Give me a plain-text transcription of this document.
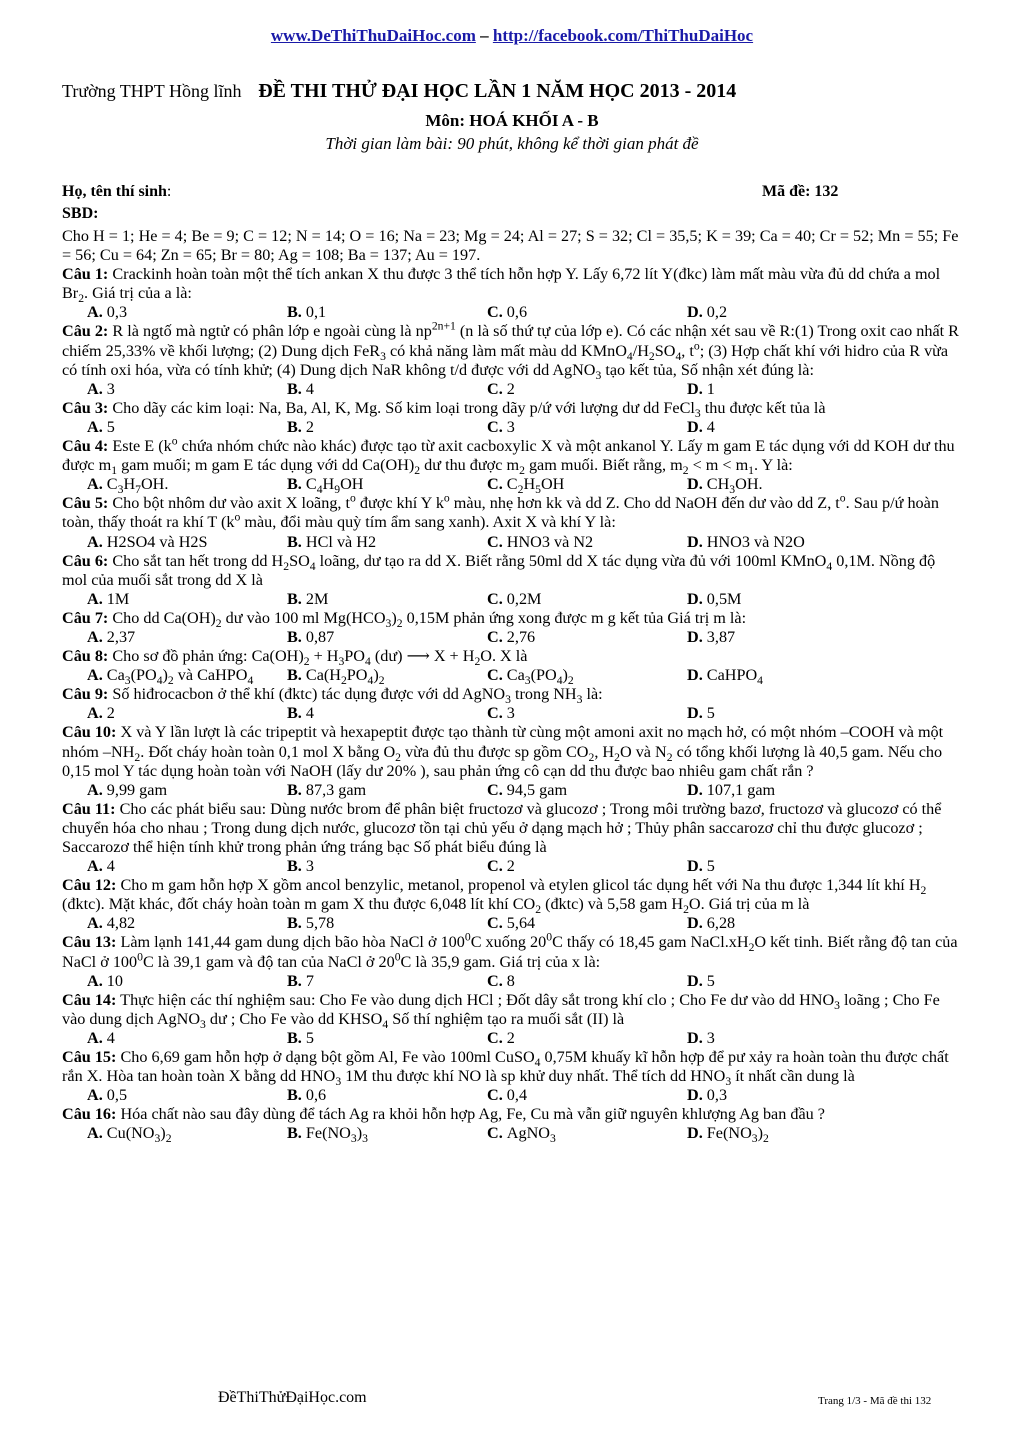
www.DeThiThuDaiHoc.com – http://facebook.com/ThiThuDaiHoc
Trường THPT Hồng lĩnh ĐỀ THI THỬ ĐẠI HỌC LẦN 1 NĂM HỌC 2013 - 2014
Môn: HOÁ KHỐI A - B
Thời gian làm bài: 90 phút, không kể thời gian phát đề
Họ, tên thí sinh:	Mã đề: 132
SBD:

Cho H = 1; He = 4; Be = 9; C = 12; N = 14; O = 16; Na = 23; Mg = 24; Al = 27; S = 32; Cl = 35,5; K = 39; Ca = 40; Cr = 52; Mn = 55; Fe = 56; Cu = 64; Zn = 65; Br = 80; Ag = 108; Ba = 137; Au = 197.

Câu 1: Crackinh hoàn toàn một thể tích ankan X thu được 3 thể tích hỗn hợp Y. Lấy 6,72 lít Y(đkc) làm mất màu vừa đủ dd chứa a mol $Br_2$. Giá trị của a là:

A. 0,3	B. 0,1	C. 0,6	D. 0,2

Câu 2: R là ngtố mà ngtử có phân lớp e ngoài cùng là $np^{2n+1}$ (n là số thứ tự của lớp e). Có các nhận xét sau về R:(1) Trong oxit cao nhất R chiếm 25,33% về khối lượng; (2) Dung dịch FeR$_3$ có khả năng làm mất màu dd $KMnO_4/H_2SO_4$, $t^o$; (3) Hợp chất khí với hidro của R vừa có tính oxi hóa, vừa có tính khử; (4) Dung dịch NaR không t/d được với dd AgNO$_3$ tạo kết tủa, Số nhận xét đúng là:

A. 3	B. 4	C. 2	D. 1

Câu 3: Cho dãy các kim loại: Na, Ba, Al, K, Mg. Số kim loại trong dãy p/ứ với lượng dư dd FeCl$_3$ thu được kết tủa là

A. 5	B. 2	C. 3	D. 4

Câu 4: Este E ($k^o$ chứa nhóm chức nào khác) được tạo từ axit cacboxylic X và một ankanol Y. Lấy m gam E tác dụng với dd KOH dư thu được $m_1$ gam muối; m gam E tác dụng với dd $Ca(OH)_2$ dư thu được $m_2$ gam muối. Biết rằng, $m_2 < m < m_1$. Y là:

A. $C_3H_7OH$.	B. $C_4H_9OH$	C. $C_2H_5OH$	D. $CH_3OH$.

Câu 5: Cho bột nhôm dư vào axit X loãng, $t^o$ được khí Y $k^o$ màu, nhẹ hơn kk và dd Z. Cho dd NaOH đến dư vào dd Z, $t^o$. Sau p/ứ hoàn toàn, thấy thoát ra khí T ($k^o$ màu, đổi màu quỳ tím ẩm sang xanh). Axit X và khí Y là:

A. H2SO4 và H2S	B. HCl và H2	C. HNO3 và N2	D. HNO3 và N2O

Câu 6: Cho sắt tan hết trong dd $H_2SO_4$ loãng, dư tạo ra dd X. Biết rằng 50ml dd X tác dụng vừa đủ với 100ml KMnO$_4$ 0,1M. Nồng độ mol của muối sắt trong dd X là

A. 1M	B. 2M	C. 0,2M	D. 0,5M

Câu 7: Cho dd $Ca(OH)_2$ dư vào 100 ml $Mg(HCO_3)_2$ 0,15M phản ứng xong được m g kết tủa Giá trị m là:

A. 2,37	B. 0,87	C. 2,76	D. 3,87

Câu 8: Cho sơ đồ phản ứng: $Ca(OH)_2 + H_3PO_4$ (dư) ⟶ $X + H_2O$. X là

A. $Ca_3(PO_4)_2$ và CaHPO$_4$ B. $Ca(H_2PO_4)_2$	C. $Ca_3(PO_4)_2$	D. CaHPO$_4$

Câu 9: Số hiđrocacbon ở thể khí (đktc) tác dụng được với dd AgNO$_3$ trong $NH_3$ là:

A. 2	B. 4	C. 3	D. 5

Câu 10: X và Y lần lượt là các tripeptit và hexapeptit được tạo thành từ cùng một amoni axit no mạch hở, có một nhóm –COOH và một nhóm $-NH_2$. Đốt cháy hoàn toàn 0,1 mol X bằng $O_2$ vừa đủ thu được sp gồm $CO_2$, $H_2O$ và $N_2$ có tổng khối lượng là 40,5 gam. Nếu cho 0,15 mol Y tác dụng hoàn toàn với NaOH (lấy dư 20% ), sau phản ứng cô cạn dd thu được bao nhiêu gam chất rắn ?

A. 9,99 gam	B. 87,3 gam	C. 94,5 gam	D. 107,1 gam

Câu 11: Cho các phát biểu sau: Dùng nước brom để phân biệt fructozơ và glucozơ ; Trong môi trường bazơ, fructozơ và glucozơ có thể chuyển hóa cho nhau ; Trong dung dịch nước, glucozơ tồn tại chủ yếu ở dạng mạch hở ; Thủy phân saccarozơ chỉ thu được glucozơ ; Saccarozơ thể hiện tính khử trong phản ứng tráng bạc Số phát biểu đúng là

A. 4	B. 3	C. 2	D. 5

Câu 12: Cho m gam hỗn hợp X gồm ancol benzylic, metanol, propenol và etylen glicol tác dụng hết với Na thu được 1,344 lít khí $H_2$ (đktc). Mặt khác, đốt cháy hoàn toàn m gam X thu được 6,048 lít khí $CO_2$ (đktc) và 5,58 gam $H_2O$. Giá trị của m là

A. 4,82	B. 5,78	C. 5,64	D. 6,28

Câu 13: Làm lạnh 141,44 gam dung dịch bão hòa NaCl ở $100^0C$ xuống $20^0C$ thấy có 18,45 gam $NaCl.xH_2O$ kết tinh. Biết rằng độ tan của NaCl ở $100^0C$ là 39,1 gam và độ tan của NaCl ở $20^0C$ là 35,9 gam. Giá trị của x là:

A. 10	B. 7	C. 8	D. 5

Câu 14: Thực hiện các thí nghiệm sau: Cho Fe vào dung dịch HCl ; Đốt dây sắt trong khí clo ; Cho Fe dư vào dd $HNO_3$ loãng ; Cho Fe vào dung dịch AgNO$_3$ dư ; Cho Fe vào dd $KHSO_4$ Số thí nghiệm tạo ra muối sắt (II) là

A. 4	B. 5	C. 2	D. 3

Câu 15: Cho 6,69 gam hỗn hợp ở dạng bột gồm Al, Fe vào 100ml CuSO$_4$ 0,75M khuấy kĩ hỗn hợp để pư xảy ra hoàn toàn thu được chất rắn X. Hòa tan hoàn toàn X bằng dd $HNO_3$ 1M thu được khí NO là sp khử duy nhất. Thể tích dd $HNO_3$ ít nhất cần dung là

A. 0,5	B. 0,6	C. 0,4	D. 0,3

Câu 16: Hóa chất nào sau đây dùng để tách Ag ra khỏi hỗn hợp Ag, Fe, Cu mà vẫn giữ nguyên khlượng Ag ban đầu ?

A. $Cu(NO_3)_2$	B. $Fe(NO_3)_3$	C. AgNO$_3$	D. $Fe(NO_3)_2$
ĐềThiThửĐạiHọc.com	Trang 1/3 - Mã đề thi 132
